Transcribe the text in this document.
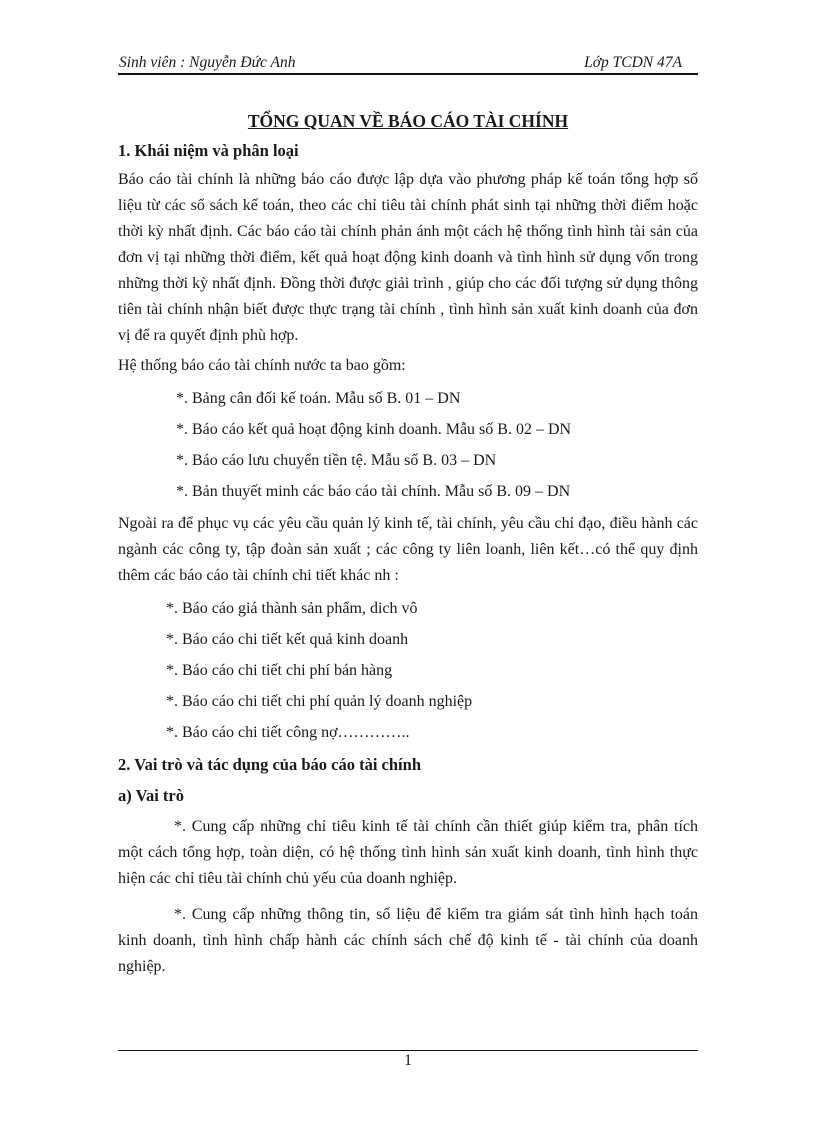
Sinh viên : Nguyễn Đức Anh	Lớp TCDN 47A
TỔNG QUAN VỀ BÁO CÁO TÀI CHÍNH
1. Khái niệm và phân loại

Báo cáo tài chính là những báo cáo được lập dựa vào phương pháp kế toán tổng hợp số liệu từ các sổ sách kế toán, theo các chỉ tiêu tài chính phát sinh tại những thời điểm hoặc thời kỳ nhất định. Các báo cáo tài chính phản ánh một cách hệ thống tình hình tài sản của đơn vị tại những thời điểm, kết quả hoạt động kinh doanh và tình hình sử dụng vốn trong những thời kỳ nhất định. Đồng thời được giải trình , giúp cho các đối tượng sử dụng thông tiên tài chính nhận biết được thực trạng tài chính , tình hình sản xuất kinh doanh của đơn vị để ra quyết định phù hợp.

Hệ thống báo cáo tài chính nước ta bao gồm:

*. Bảng cân đối kế toán. Mẫu số B. 01 – DN
*. Báo cáo kết quả hoạt động kinh doanh. Mẫu số B. 02 – DN
*. Báo cáo lưu chuyển tiền tệ. Mẫu số B. 03 – DN
*. Bản thuyết minh các báo cáo tài chính. Mẫu số B. 09 – DN

Ngoài ra để phục vụ các yêu cầu quản lý kinh tế, tài chính, yêu cầu chỉ đạo, điều hành các ngành các công ty, tập đoàn sản xuất ; các công ty liên loanh, liên kết…có thể quy định thêm các báo cáo tài chính chi tiết khác nh :

*. Báo cáo giá thành sản phẩm, dich vô
*. Báo cáo chi tiết kết quả kinh doanh
*. Báo cáo chi tiết chi phí bán hàng
*. Báo cáo chi tiết chi phí quản lý doanh nghiệp
*. Báo cáo chi tiết công nợ…………..
2. Vai trò và tác dụng của báo cáo tài chính
a) Vai trò

*. Cung cấp những chỉ tiêu kinh tế tài chính cần thiết giúp kiểm tra, phân tích một cách tổng hợp, toàn diện, có hệ thống tình hình sản xuất kinh doanh, tình hình thực hiện các chỉ tiêu tài chính chủ yếu của doanh nghiệp.

*. Cung cấp những thông tin, số liệu để kiểm tra giám sát tình hình hạch toán kinh doanh, tình hình chấp hành các chính sách chế độ kinh tế - tài chính của doanh nghiệp.

1
